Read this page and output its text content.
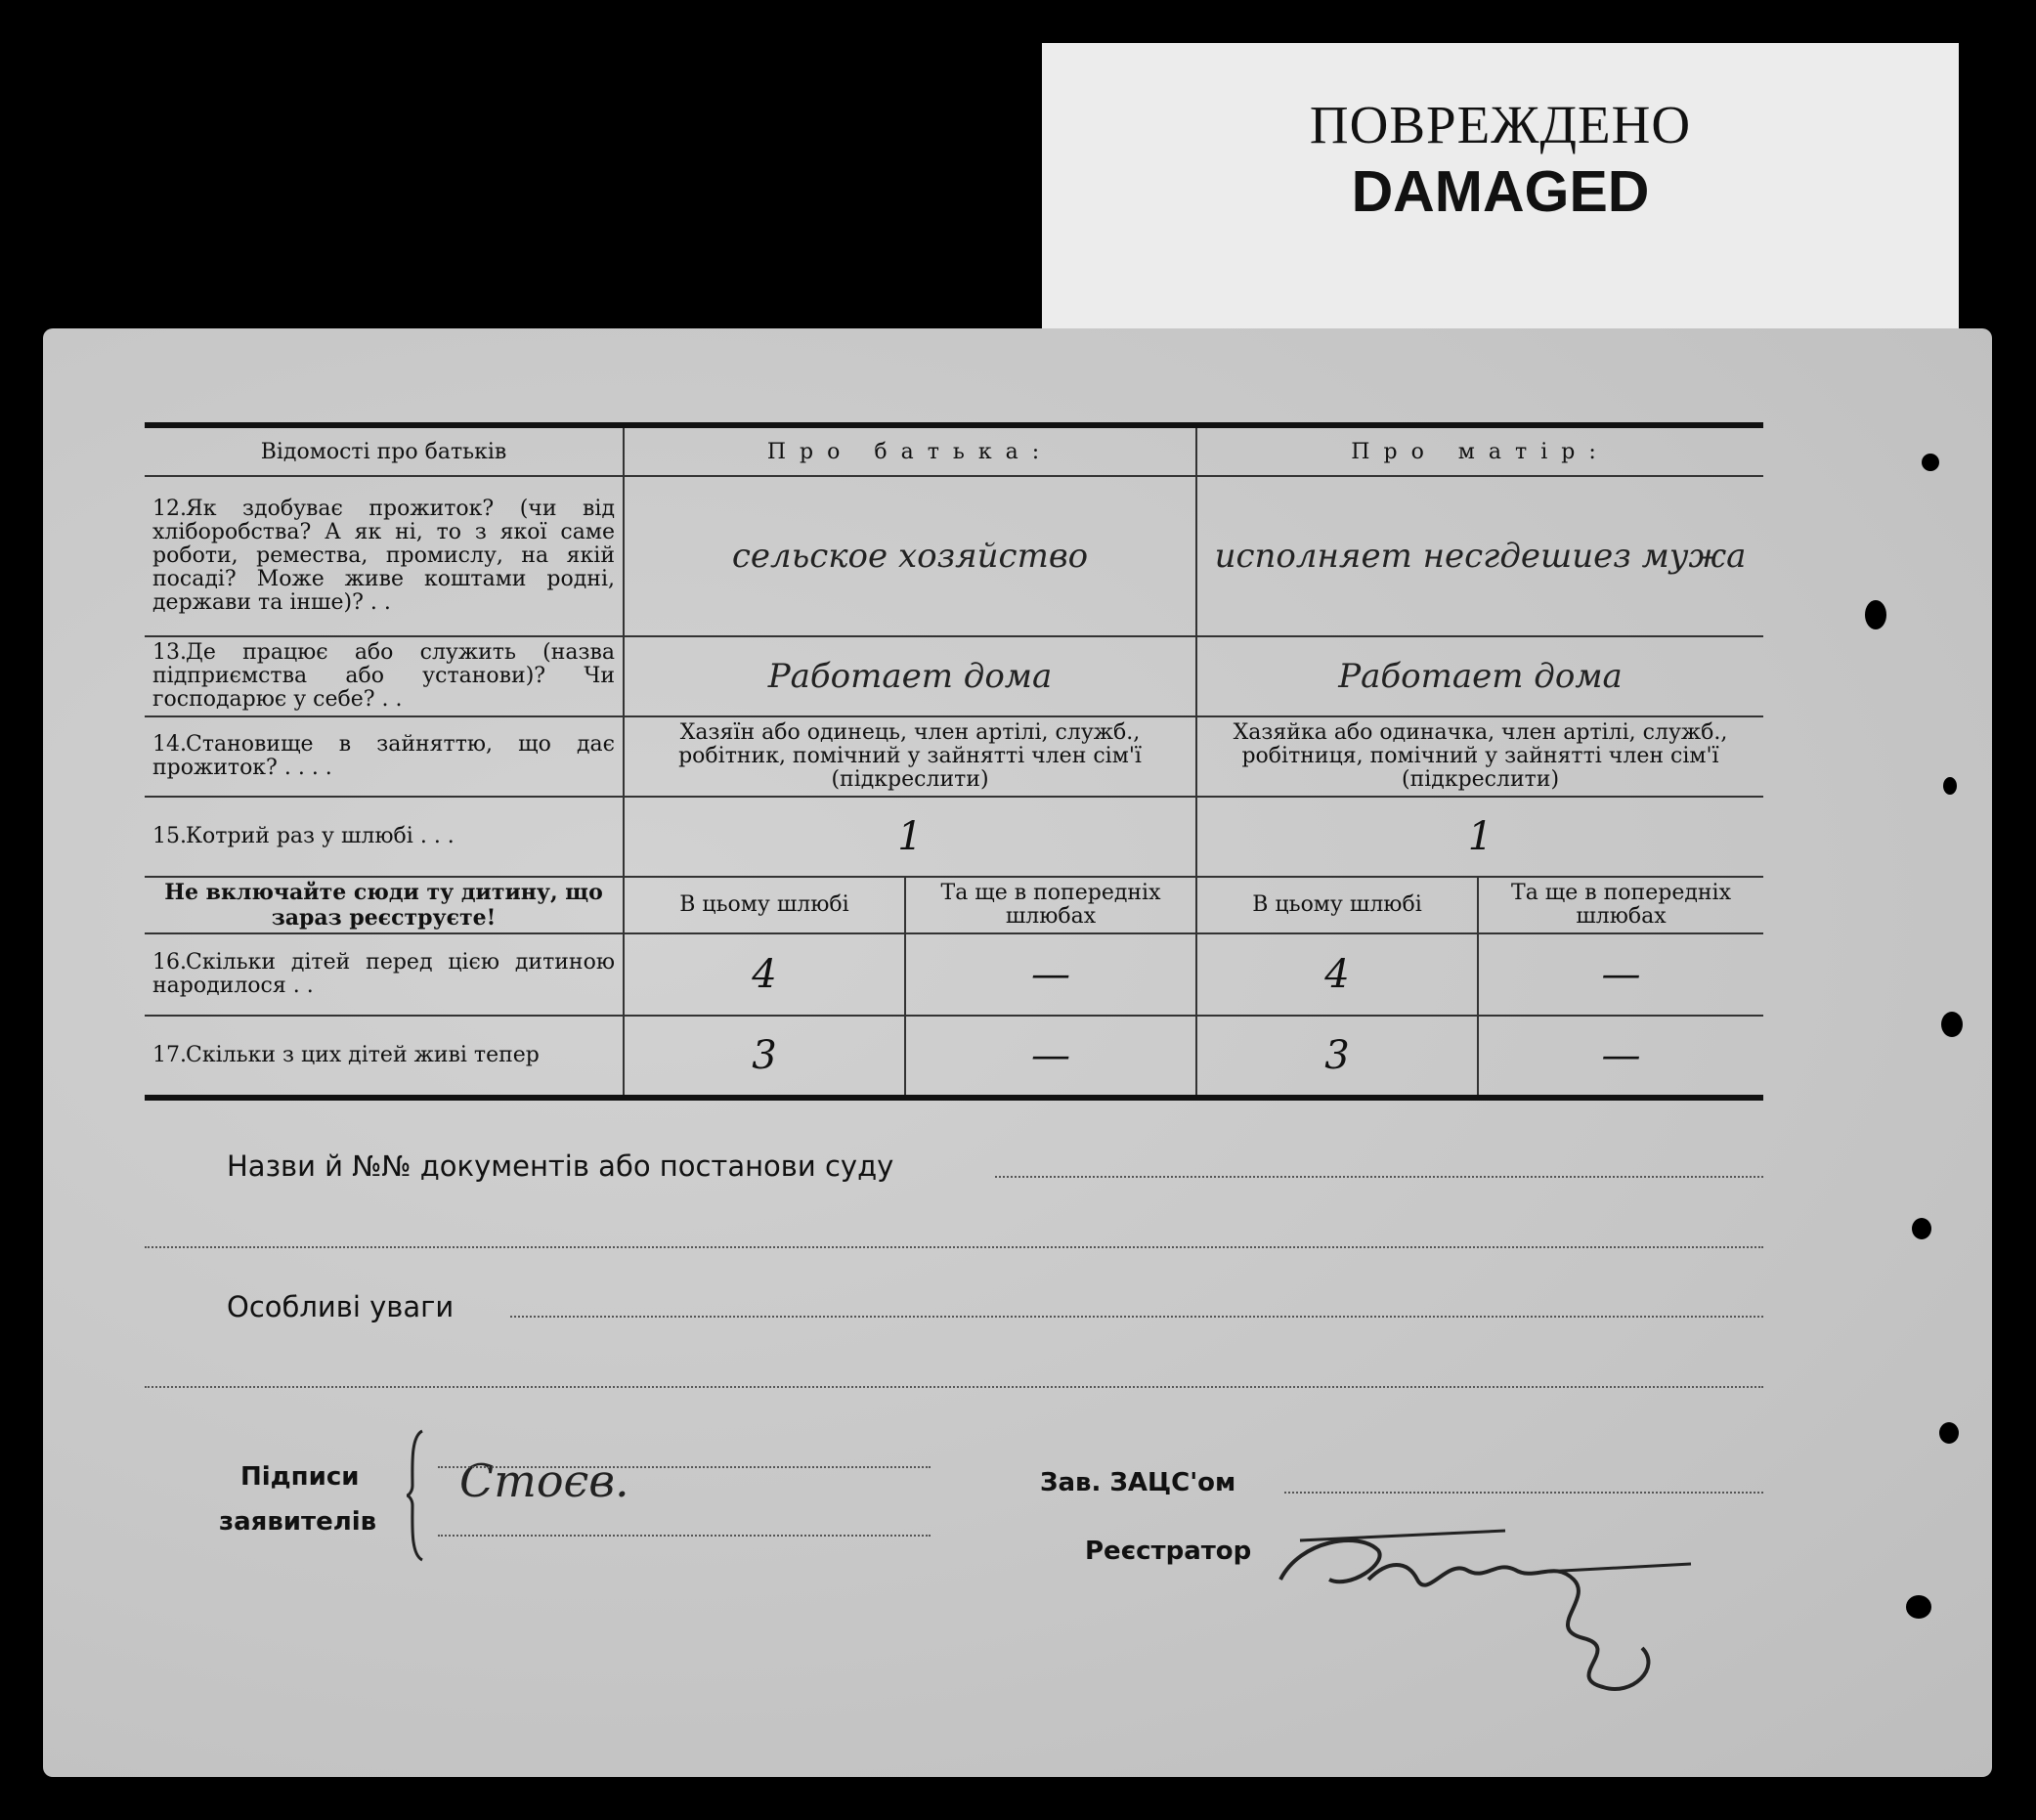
ПОВРЕЖДЕНО
DAMAGED
Відомості про батьків	Про батька:		Про матір:	
12.Як здобуває прожиток? (чи від хліборобства? А як ні, то з якої саме роботи, ремества, промислу, на якій посаді? Може живе коштами родні, держави та інше)? . .	сельское хозяйство		исполняет несгдешиез мужа	
13.Де працює або служить (назва підприємства або установи)? Чи господарює у себе? . .	Работает дома		Работает дома	
14.Становище в зайняттю, що дає прожиток? . . . .	Хазяїн або одинець, член артілі, служб., робітник, помічний у зайнятті член сім'ї (підкреслити)		Хазяйка або одиначка, член артілі, служб., робітниця, помічний у зайнятті член сім'ї (підкреслити)	
15.Котрий раз у шлюбі . . .	1		1	
Не включайте сюди ту дитину, що зараз реєструєте!	В цьому шлюбі	Та ще в попередніх шлюбах	В цьому шлюбі	Та ще в попередніх шлюбах
16.Скільки дітей перед цією дитиною народилося . .	4	—	4	—
17.Скільки з цих дітей живі тепер	3	—	3	—
Назви й №№ документів або постанови суду
Особливі уваги
Підписи
заявителів
Стоєв.	Зав. ЗАЦС'ом
Реєстратор
